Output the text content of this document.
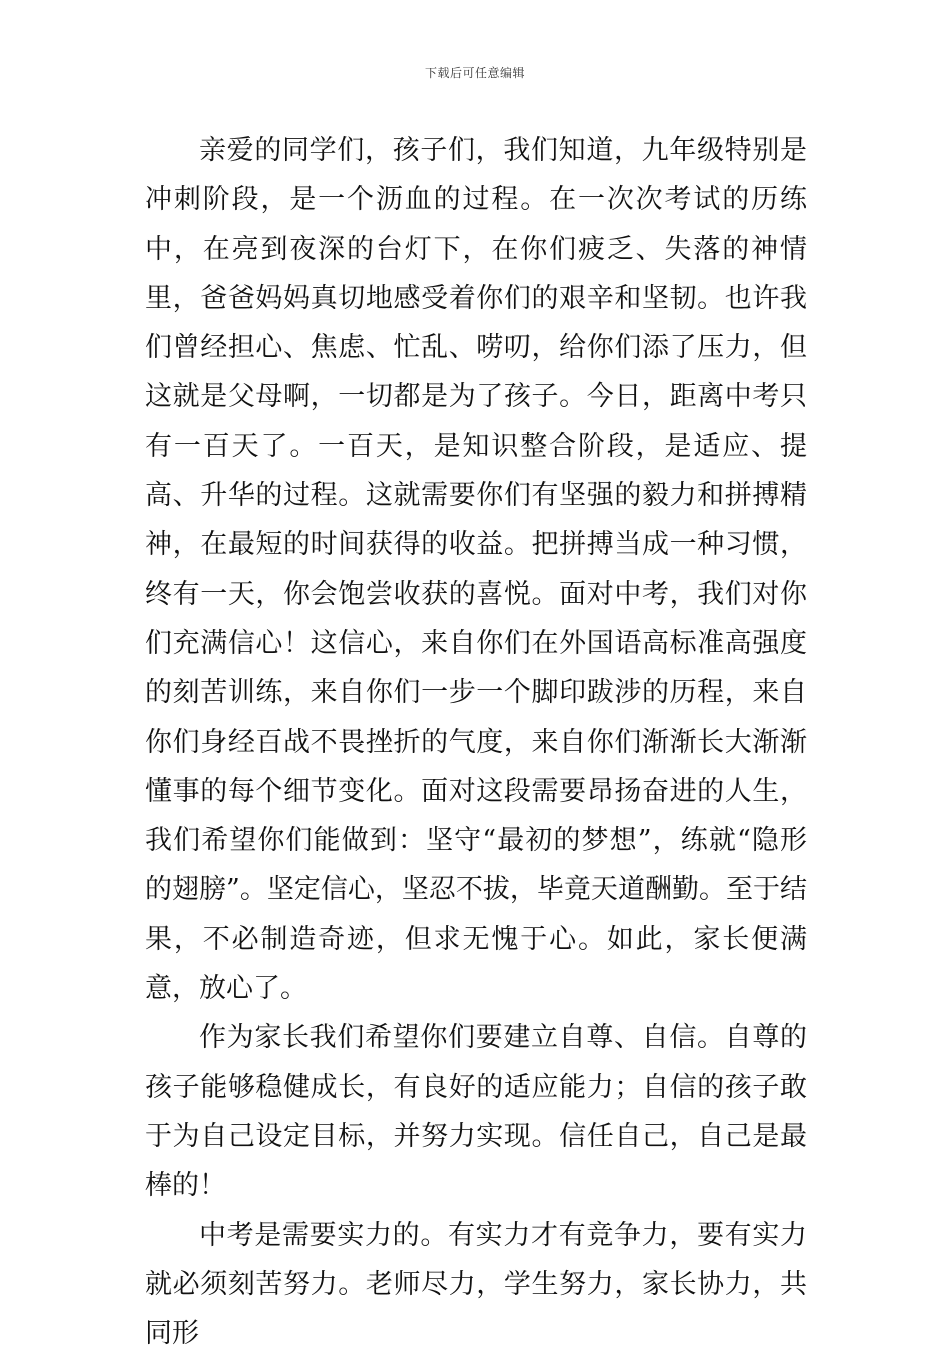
下载后可任意编辑

亲爱的同学们，孩子们，我们知道，九年级特别是冲刺阶段，是一个沥血的过程。在一次次考试的历练中，在亮到夜深的台灯下，在你们疲乏、失落的神情里，爸爸妈妈真切地感受着你们的艰辛和坚韧。也许我们曾经担心、焦虑、忙乱、唠叨，给你们添了压力，但这就是父母啊，一切都是为了孩子。今日，距离中考只有一百天了。一百天，是知识整合阶段，是适应、提高、升华的过程。这就需要你们有坚强的毅力和拼搏精神，在最短的时间获得的收益。把拼搏当成一种习惯，终有一天，你会饱尝收获的喜悦。面对中考，我们对你们充满信心！这信心，来自你们在外国语高标准高强度的刻苦训练，来自你们一步一个脚印跋涉的历程，来自你们身经百战不畏挫折的气度，来自你们渐渐长大渐渐懂事的每个细节变化。面对这段需要昂扬奋进的人生，我们希望你们能做到：坚守“最初的梦想”，练就“隐形的翅膀”。坚定信心，坚忍不拔，毕竟天道酬勤。至于结果，不必制造奇迹，但求无愧于心。如此，家长便满意，放心了。

作为家长我们希望你们要建立自尊、自信。自尊的孩子能够稳健成长，有良好的适应能力；自信的孩子敢于为自己设定目标，并努力实现。信任自己，自己是最棒的！

中考是需要实力的。有实力才有竞争力，要有实力就必须刻苦努力。老师尽力，学生努力，家长协力，共同形
